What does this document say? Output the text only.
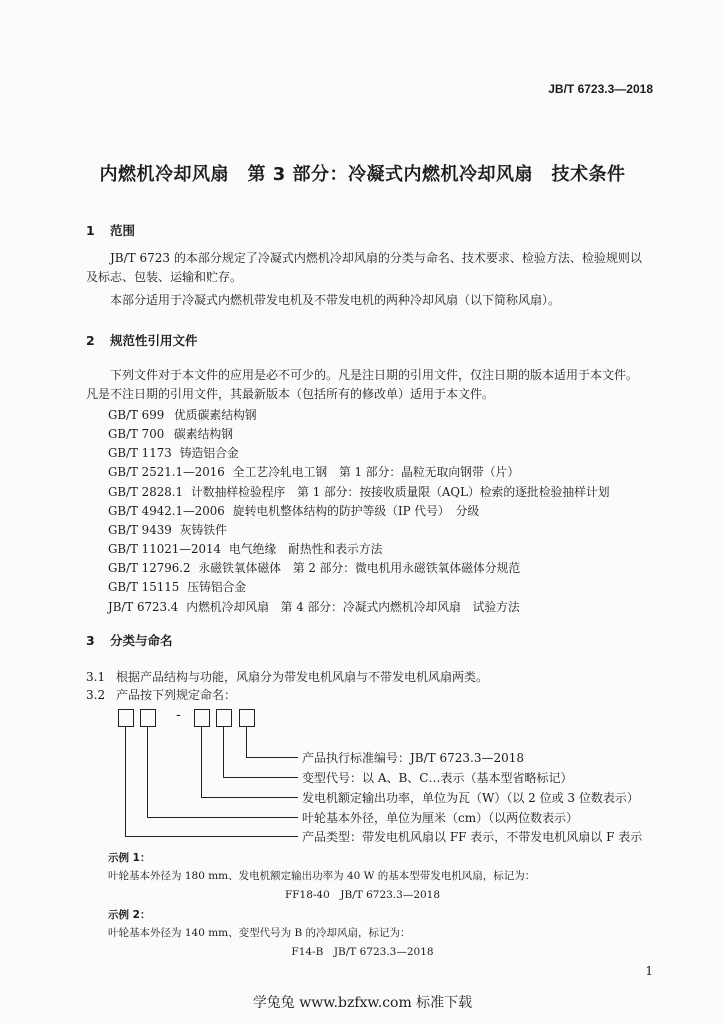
JB/T 6723.3—2018
内燃机冷却风扇　第 3 部分：冷凝式内燃机冷却风扇　技术条件
1 范围
JB/T 6723 的本部分规定了冷凝式内燃机冷却风扇的分类与命名、技术要求、检验方法、检验规则以及标志、包装、运输和贮存。
本部分适用于冷凝式内燃机带发电机及不带发电机的两种冷却风扇（以下简称风扇）。
2 规范性引用文件
下列文件对于本文件的应用是必不可少的。凡是注日期的引用文件，仅注日期的版本适用于本文件。凡是不注日期的引用文件，其最新版本（包括所有的修改单）适用于本文件。
GB/T 699 优质碳素结构钢
GB/T 700 碳素结构钢
GB/T 1173 铸造铝合金
GB/T 2521.1—2016 全工艺冷轧电工钢　第 1 部分：晶粒无取向钢带（片）
GB/T 2828.1 计数抽样检验程序　第 1 部分：按接收质量限（AQL）检索的逐批检验抽样计划
GB/T 4942.1—2006 旋转电机整体结构的防护等级（IP 代号）　分级
GB/T 9439 灰铸铁件
GB/T 11021—2014 电气绝缘　耐热性和表示方法
GB/T 12796.2 永磁铁氧体磁体　第 2 部分：微电机用永磁铁氧体磁体分规范
GB/T 15115 压铸铝合金
JB/T 6723.4 内燃机冷却风扇　第 4 部分：冷凝式内燃机冷却风扇　试验方法
3 分类与命名
3.1 根据产品结构与功能，风扇分为带发电机风扇与不带发电机风扇两类。
3.2 产品按下列规定命名：
-
产品执行标准编号：JB/T 6723.3—2018
变型代号：以 A、B、C…表示（基本型省略标记）
发电机额定输出功率，单位为瓦（W）（以 2 位或 3 位数表示）
叶轮基本外径，单位为厘米（cm）（以两位数表示）
产品类型：带发电机风扇以 FF 表示，不带发电机风扇以 F 表示
示例 1：
叶轮基本外径为 180 mm、发电机额定输出功率为 40 W 的基本型带发电机风扇，标记为：
FF18-40　JB/T 6723.3—2018
示例 2：
叶轮基本外径为 140 mm、变型代号为 B 的冷却风扇，标记为：
F14-B　JB/T 6723.3—2018
1
学兔兔 www.bzfxw.com 标准下载
